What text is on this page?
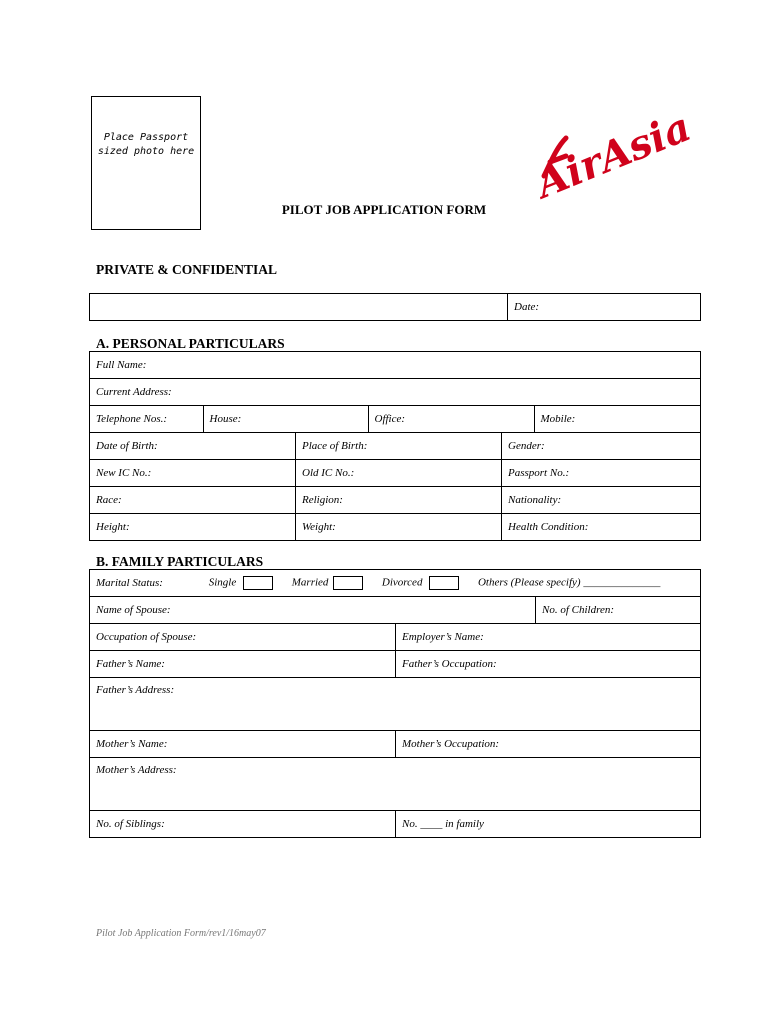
Place Passport
sized photo here	AirAsia
PILOT JOB APPLICATION FORM
PRIVATE & CONFIDENTIAL
	Date:
A. PERSONAL PARTICULARS
Full Name:
Current Address:

Telephone Nos.:	House:	Office:	Mobile:

Date of Birth:	Place of Birth:	Gender:
New IC No.:	Old IC No.:	Passport No.:
Race:	Religion:	Nationality:
Height:	Weight:	Health Condition:
B. FAMILY PARTICULARS
Marital Status: Single Married Divorced Others (Please specify) ______________		
Name of Spouse:		No. of Children:
Occupation of Spouse:	Employer’s Name:	
Father’s Name:	Father’s Occupation:	
Father’s Address:		
Mother’s Name:	Mother’s Occupation:	
Mother’s Address:		
No. of Siblings:	No. ____ in family	
Pilot Job Application Form/rev1/16may07
